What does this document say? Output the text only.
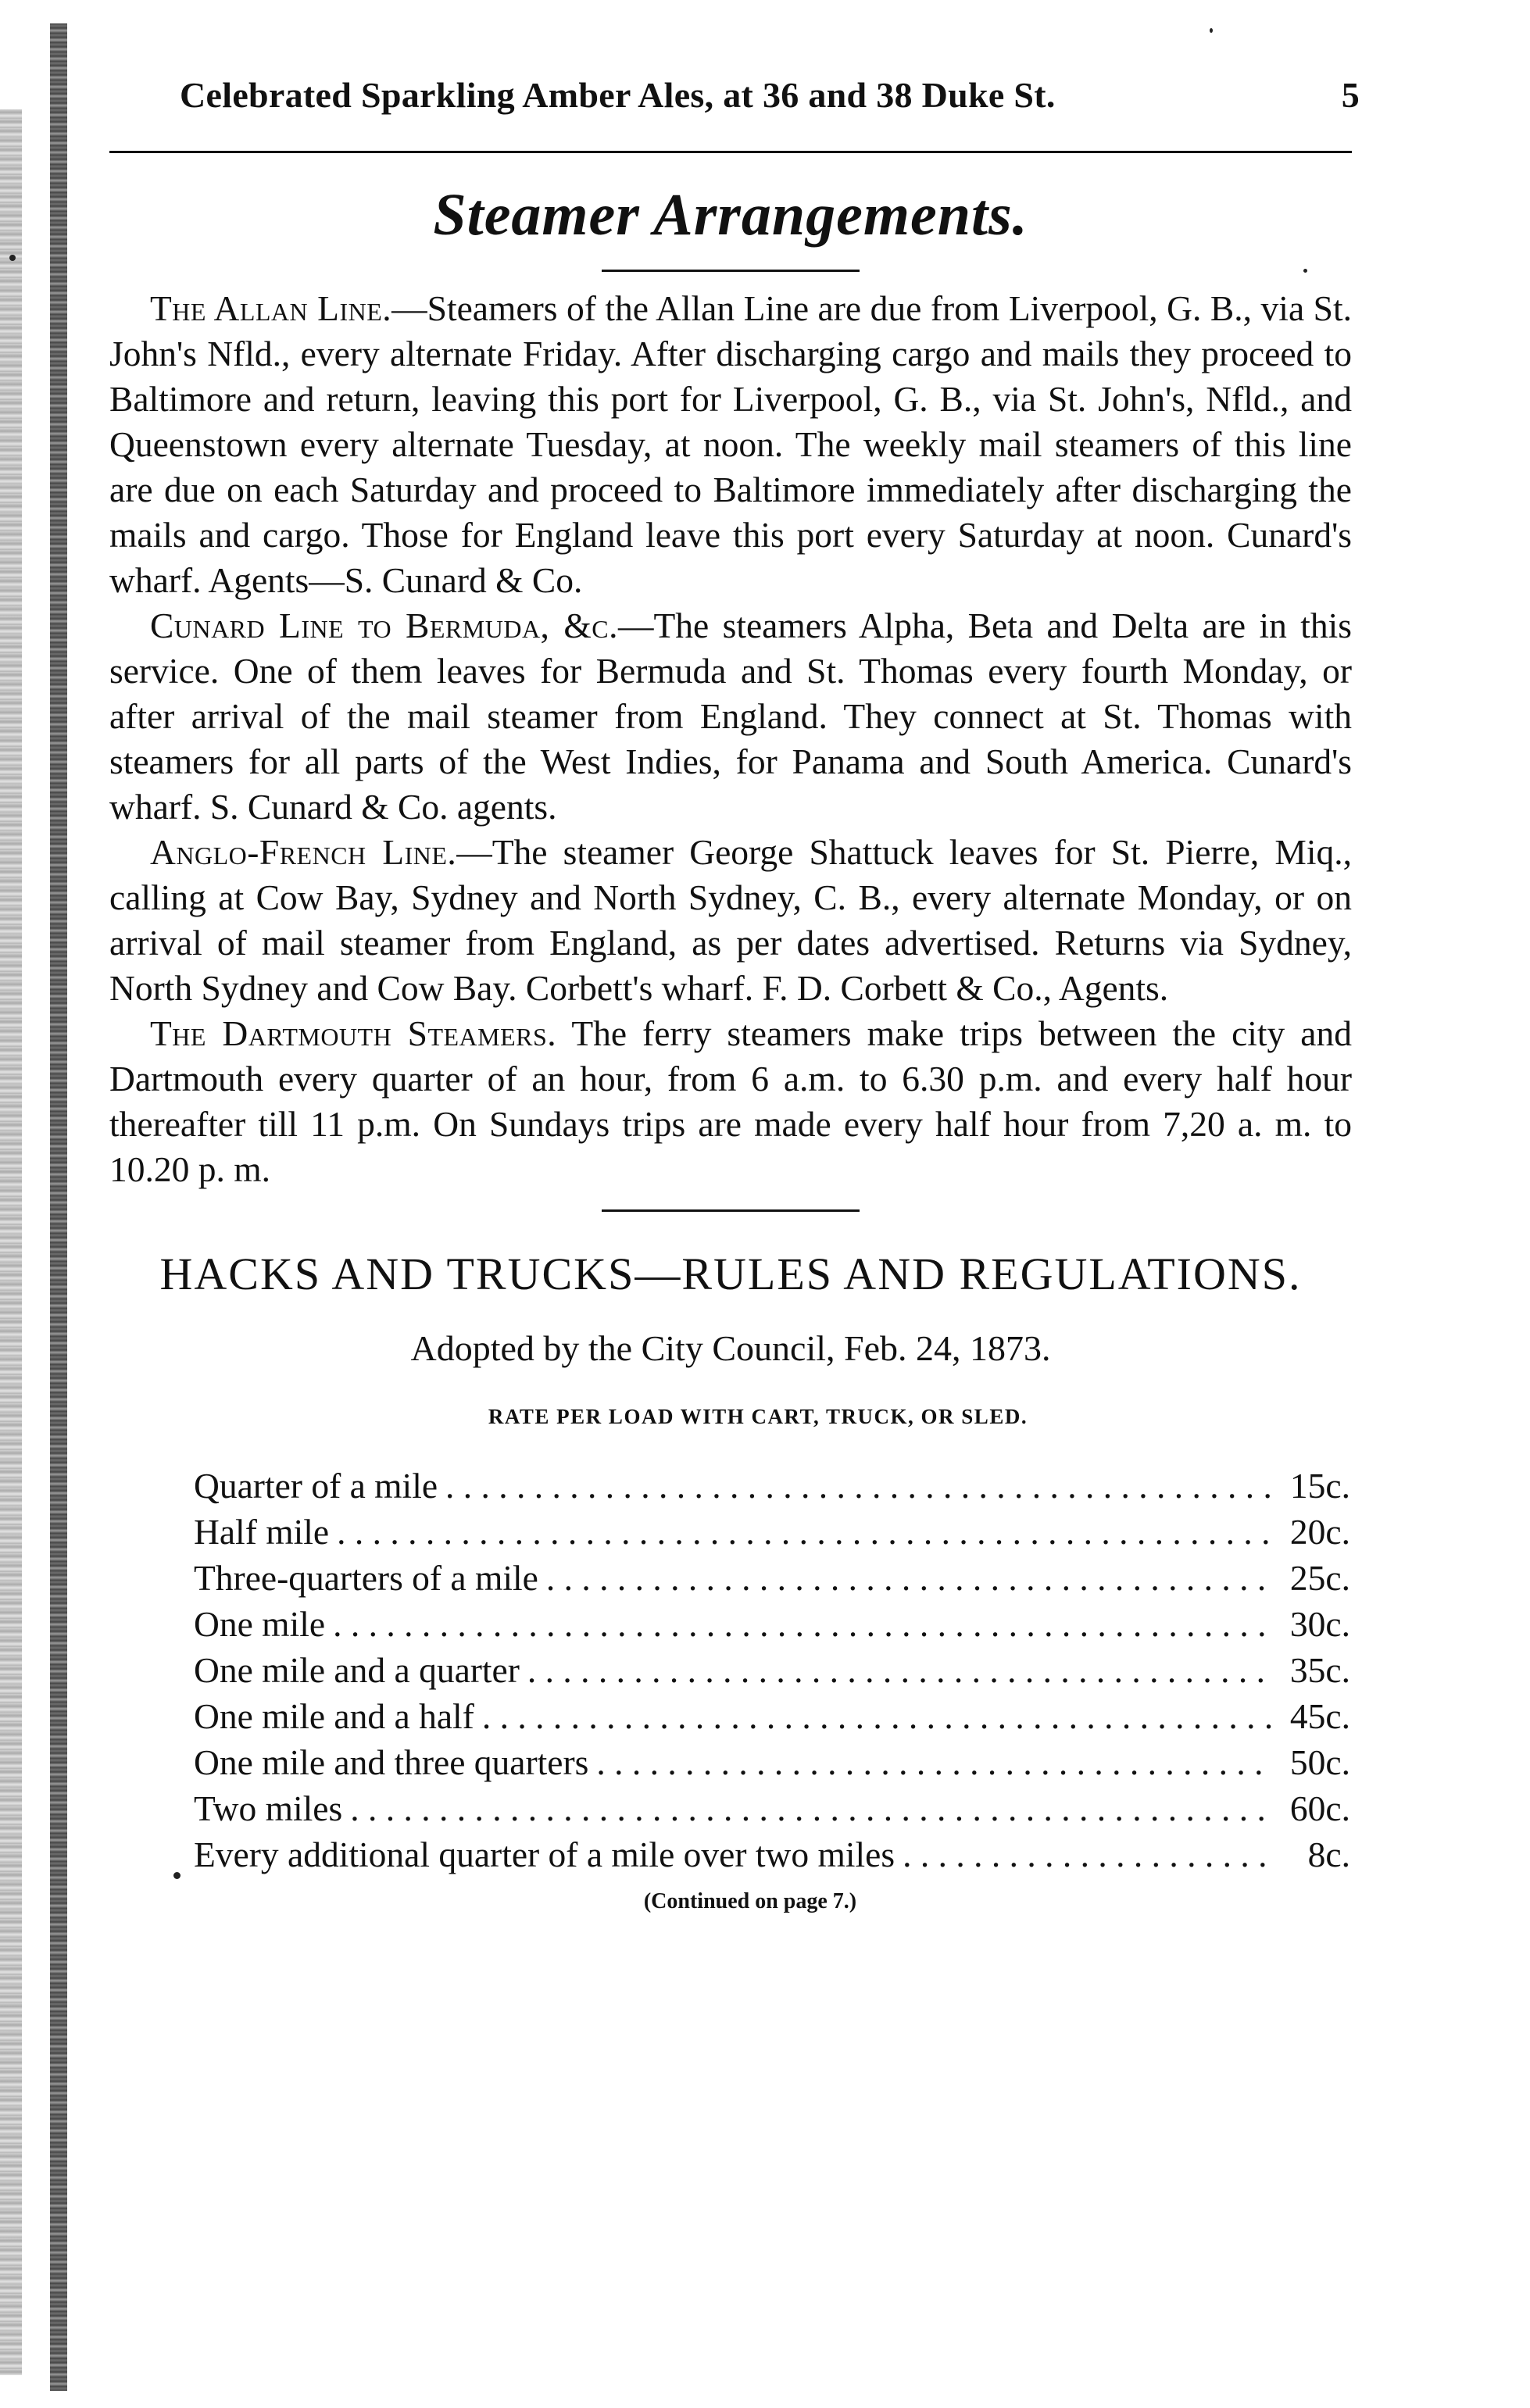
Celebrated Sparkling Amber Ales, at 36 and 38 Duke St.	5
Steamer Arrangements.

The Allan Line.—Steamers of the Allan Line are due from Liverpool, G. B., via St. John's Nfld., every alternate Friday. After discharging cargo and mails they proceed to Baltimore and return, leaving this port for Liverpool, G. B., via St. John's, Nfld., and Queenstown every alternate Tuesday, at noon. The weekly mail steamers of this line are due on each Saturday and proceed to Baltimore immediately after discharging the mails and cargo. Those for England leave this port every Saturday at noon. Cunard's wharf. Agents—S. Cunard & Co.

Cunard Line to Bermuda, &c.—The steamers Alpha, Beta and Delta are in this service. One of them leaves for Bermuda and St. Thomas every fourth Monday, or after arrival of the mail steamer from England. They connect at St. Thomas with steamers for all parts of the West Indies, for Panama and South America. Cunard's wharf. S. Cunard & Co. agents.

Anglo-French Line.—The steamer George Shattuck leaves for St. Pierre, Miq., calling at Cow Bay, Sydney and North Sydney, C. B., every alternate Monday, or on arrival of mail steamer from England, as per dates advertised. Returns via Sydney, North Sydney and Cow Bay. Corbett's wharf. F. D. Corbett & Co., Agents.

The Dartmouth Steamers. The ferry steamers make trips between the city and Dartmouth every quarter of an hour, from 6 a.m. to 6.30 p.m. and every half hour thereafter till 11 p.m. On Sundays trips are made every half hour from 7,20 a. m. to 10.20 p. m.

HACKS AND TRUCKS—RULES AND REGULATIONS.
Adopted by the City Council, Feb. 24, 1873.
RATE PER LOAD WITH CART, TRUCK, OR SLED.
Quarter of a mile . . .	15c.
Half mile . . .	20c.
Three-quarters of a mile . . .	25c.
One mile . . .	30c.
One mile and a quarter . . .	35c.
One mile and a half . . .	45c.
One mile and three quarters . . .	50c.
Two miles . . .	60c.
Every additional quarter of a mile over two miles . . .	8c.
(Continued on page 7.)
